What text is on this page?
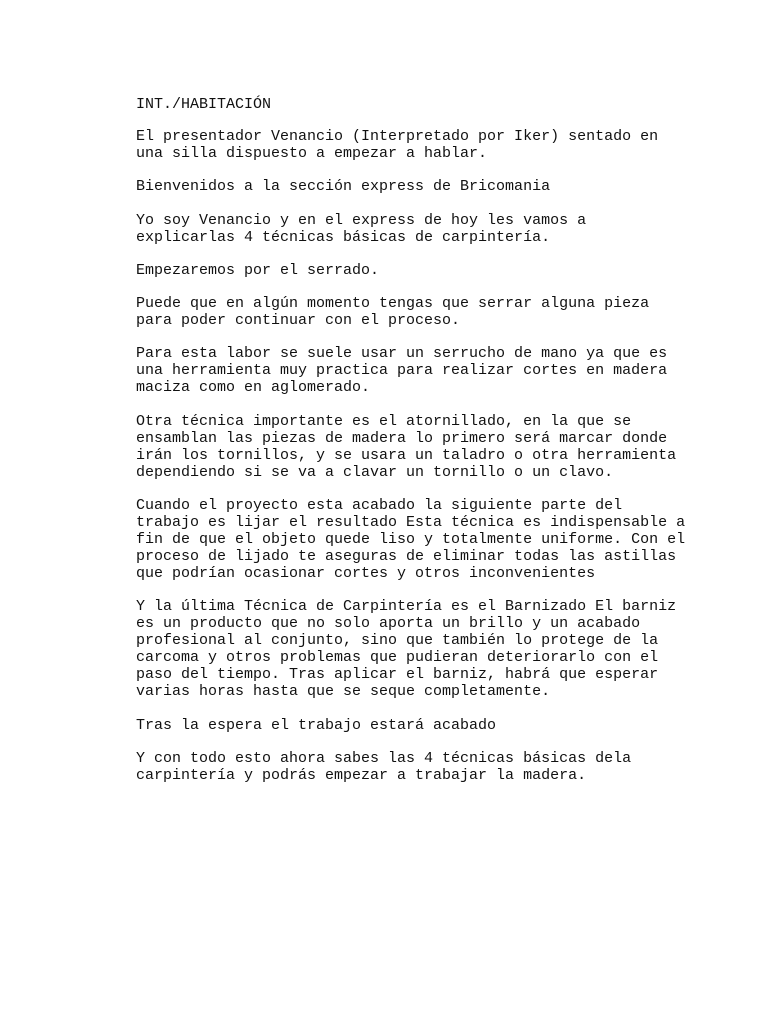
INT./HABITACIÓN

El presentador Venancio (Interpretado por Iker) sentado en
una silla dispuesto a empezar a hablar.

Bienvenidos a la sección express de Bricomania

Yo soy Venancio y en el express de hoy les vamos a
explicarlas 4 técnicas básicas de carpintería.

Empezaremos por el serrado.

Puede que en algún momento tengas que serrar alguna pieza
para poder continuar con el proceso.

Para esta labor se suele usar un serrucho de mano ya que es
una herramienta muy practica para realizar cortes en madera
maciza como en aglomerado.

Otra técnica importante es el atornillado, en la que se
ensamblan las piezas de madera lo primero será marcar donde
irán los tornillos, y se usara un taladro o otra herramienta
dependiendo si se va a clavar un tornillo o un clavo.

Cuando el proyecto esta acabado la siguiente parte del
trabajo es lijar el resultado Esta técnica es indispensable a
fin de que el objeto quede liso y totalmente uniforme. Con el
proceso de lijado te aseguras de eliminar todas las astillas
que podrían ocasionar cortes y otros inconvenientes

Y la última Técnica de Carpintería es el Barnizado El barniz
es un producto que no solo aporta un brillo y un acabado
profesional al conjunto, sino que también lo protege de la
carcoma y otros problemas que pudieran deteriorarlo con el
paso del tiempo. Tras aplicar el barniz, habrá que esperar
varias horas hasta que se seque completamente.

Tras la espera el trabajo estará acabado

Y con todo esto ahora sabes las 4 técnicas básicas dela
carpintería y podrás empezar a trabajar la madera.
